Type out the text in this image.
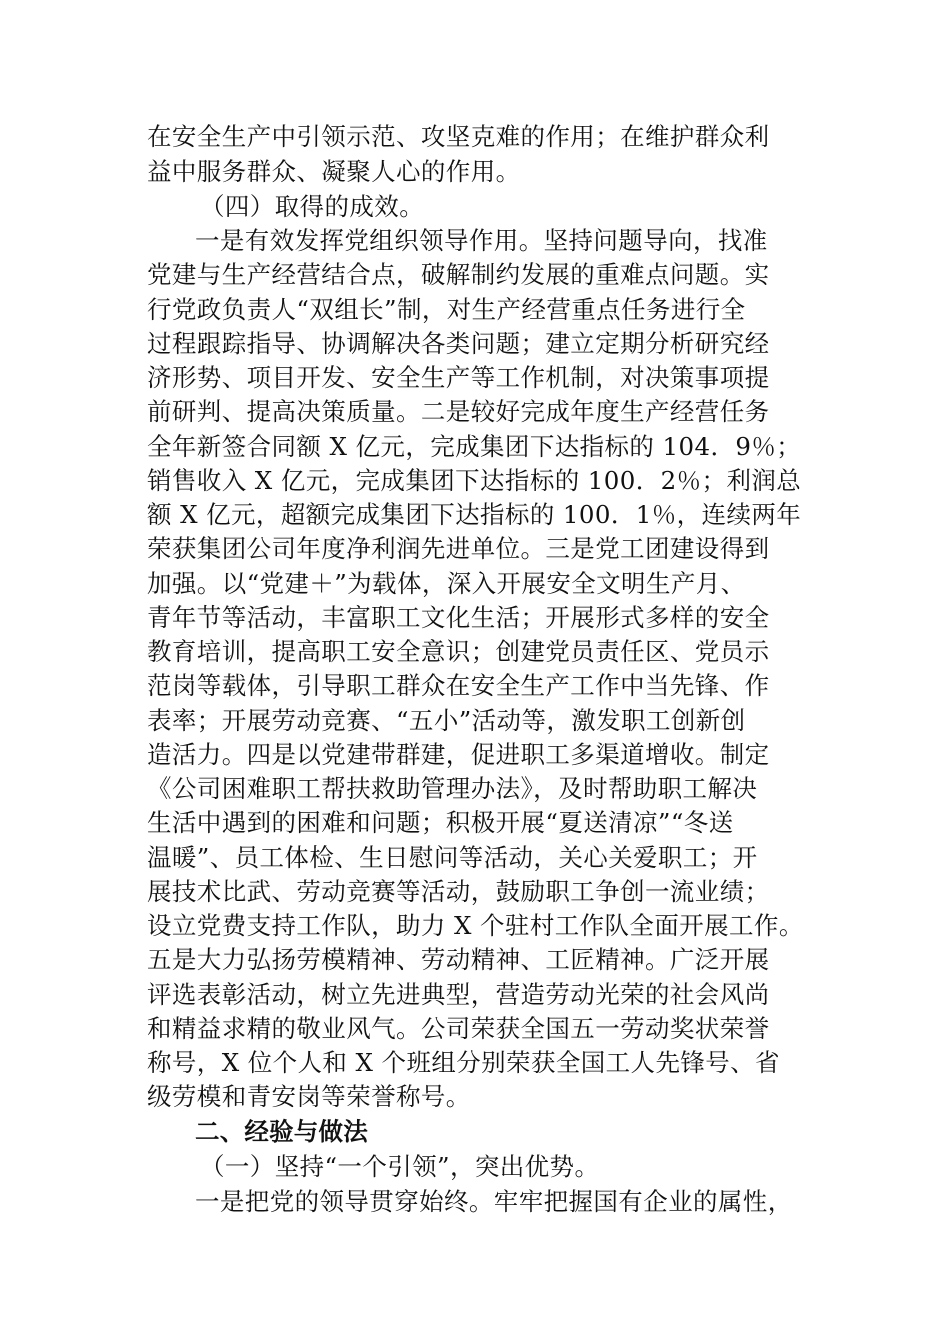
在安全生产中引领示范、攻坚克难的作用；在维护群众利
益中服务群众、凝聚人心的作用。
（四）取得的成效。
一是有效发挥党组织领导作用。坚持问题导向，找准
党建与生产经营结合点，破解制约发展的重难点问题。实
行党政负责人“双组长”制，对生产经营重点任务进行全
过程跟踪指导、协调解决各类问题；建立定期分析研究经
济形势、项目开发、安全生产等工作机制，对决策事项提
前研判、提高决策质量。二是较好完成年度生产经营任务
全年新签合同额 X 亿元，完成集团下达指标的 104．9％；
销售收入 X 亿元，完成集团下达指标的 100．2％；利润总
额 X 亿元，超额完成集团下达指标的 100．1％，连续两年
荣获集团公司年度净利润先进单位。三是党工团建设得到
加强。以“党建＋”为载体，深入开展安全文明生产月、
青年节等活动，丰富职工文化生活；开展形式多样的安全
教育培训，提高职工安全意识；创建党员责任区、党员示
范岗等载体，引导职工群众在安全生产工作中当先锋、作
表率；开展劳动竞赛、“五小”活动等，激发职工创新创
造活力。四是以党建带群建，促进职工多渠道增收。制定
《公司困难职工帮扶救助管理办法》，及时帮助职工解决
生活中遇到的困难和问题；积极开展“夏送清凉”“冬送
温暖”、员工体检、生日慰问等活动，关心关爱职工；开
展技术比武、劳动竞赛等活动，鼓励职工争创一流业绩；
设立党费支持工作队，助力 X 个驻村工作队全面开展工作。
五是大力弘扬劳模精神、劳动精神、工匠精神。广泛开展
评选表彰活动，树立先进典型，营造劳动光荣的社会风尚
和精益求精的敬业风气。公司荣获全国五一劳动奖状荣誉
称号，X 位个人和 X 个班组分别荣获全国工人先锋号、省
级劳模和青安岗等荣誉称号。
二、经验与做法
（一）坚持“一个引领”，突出优势。
一是把党的领导贯穿始终。牢牢把握国有企业的属性，
